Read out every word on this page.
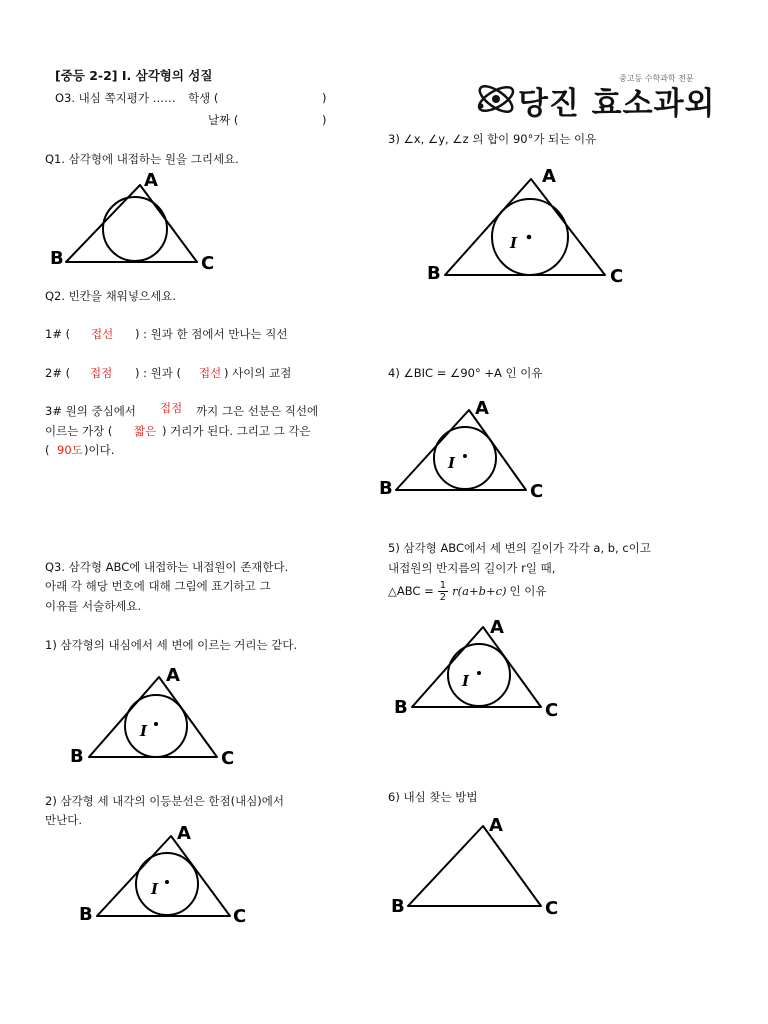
[중등 2-2] Ⅰ. 삼각형의 성질
O3. 내심 쪽지평가 …… 학생 (	)
날짜 (	)
중고등 수학과학 전문
당진 효소과외
Q1. 삼각형에 내접하는 원을 그리세요.
A
B	C
Q2. 빈칸을 채워넣으세요.
1# ( 접선 ) : 원과 한 점에서 만나는 직선
2# ( 접점 ) : 원과 ( 접선 ) 사이의 교점
3# 원의 중심에서 접점 까지 그은 선분은 직선에
이르는 가장 ( 짧은 ) 거리가 된다. 그리고 그 각은
( 90도 )이다.
Q3. 삼각형 ABC에 내접하는 내접원이 존재한다.
아래 각 해당 번호에 대해 그림에 표기하고 그
이유를 서술하세요.
1) 삼각형의 내심에서 세 변에 이르는 거리는 같다.
A
B	C
I
2) 삼각형 세 내각의 이등분선은 한점(내심)에서
만난다.
A
B	C
I
3) ∠x, ∠y, ∠z 의 합이 90°가 되는 이유
A
B	C
I
4) ∠BIC = ∠90° +A 인 이유
A
B	C
I
5) 삼각형 ABC에서 세 변의 길이가 각각 a, b, c이고
내접원의 반지름의 길이가 r일 때,
△ABC = $\frac{1}{2} r(a+b+c)$ 인 이유
A
B	C
I
6) 내심 찾는 방법
A
B	C
